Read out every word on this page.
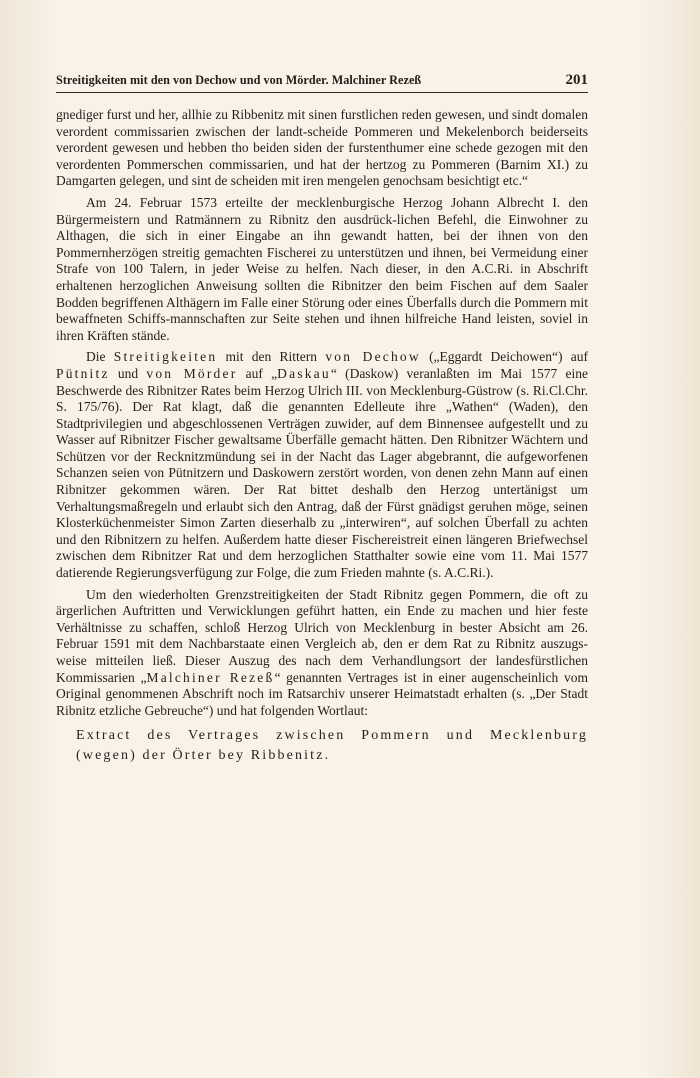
Streitigkeiten mit den von Dechow und von Mörder. Malchiner Rezeß	201

gnediger furst und her, allhie zu Ribbenitz mit sinen furstlichen reden gewesen, und sindt domalen verordent commissarien zwischen der landt-scheide Pommeren und Mekelenborch beiderseits verordent gewesen und hebben tho beiden siden der furstenthumer eine schede gezogen mit den verordenten Pommerschen commissarien, und hat der hertzog zu Pommeren (Barnim XI.) zu Damgarten gelegen, und sint de scheiden mit iren mengelen genochsam besichtigt etc.“

Am 24. Februar 1573 erteilte der mecklenburgische Herzog Johann Albrecht I. den Bürgermeistern und Ratmännern zu Ribnitz den ausdrück-lichen Befehl, die Einwohner zu Althagen, die sich in einer Eingabe an ihn gewandt hatten, bei der ihnen von den Pommernherzögen streitig gemachten Fischerei zu unterstützen und ihnen, bei Vermeidung einer Strafe von 100 Talern, in jeder Weise zu helfen. Nach dieser, in den A.C.Ri. in Abschrift erhaltenen herzoglichen Anweisung sollten die Ribnitzer den beim Fischen auf dem Saaler Bodden begriffenen Althägern im Falle einer Störung oder eines Überfalls durch die Pommern mit bewaffneten Schiffs-mannschaften zur Seite stehen und ihnen hilfreiche Hand leisten, soviel in ihren Kräften stände.

Die Streitigkeiten mit den Rittern von Dechow („Eggardt Deichowen“) auf Pütnitz und von Mörder auf „Daskau“ (Daskow) veranlaßten im Mai 1577 eine Beschwerde des Ribnitzer Rates beim Herzog Ulrich III. von Mecklenburg-Güstrow (s. Ri.Cl.Chr. S. 175/76). Der Rat klagt, daß die genannten Edelleute ihre „Wathen“ (Waden), den Stadtprivilegien und abgeschlossenen Verträgen zuwider, auf dem Binnensee aufgestellt und zu Wasser auf Ribnitzer Fischer gewaltsame Überfälle gemacht hätten. Den Ribnitzer Wächtern und Schützen vor der Recknitzmündung sei in der Nacht das Lager abgebrannt, die aufgeworfenen Schanzen seien von Pütnitzern und Daskowern zerstört worden, von denen zehn Mann auf einen Ribnitzer gekommen wären. Der Rat bittet deshalb den Herzog untertänigst um Verhaltungsmaßregeln und erlaubt sich den Antrag, daß der Fürst gnädigst geruhen möge, seinen Klosterküchenmeister Simon Zarten dieserhalb zu „interwiren“, auf solchen Überfall zu achten und den Ribnitzern zu helfen. Außerdem hatte dieser Fischereistreit einen längeren Briefwechsel zwischen dem Ribnitzer Rat und dem herzoglichen Statthalter sowie eine vom 11. Mai 1577 datierende Regierungsverfügung zur Folge, die zum Frieden mahnte (s. A.C.Ri.).

Um den wiederholten Grenzstreitigkeiten der Stadt Ribnitz gegen Pommern, die oft zu ärgerlichen Auftritten und Verwicklungen geführt hatten, ein Ende zu machen und hier feste Verhältnisse zu schaffen, schloß Herzog Ulrich von Mecklenburg in bester Absicht am 26. Februar 1591 mit dem Nachbarstaate einen Vergleich ab, den er dem Rat zu Ribnitz auszugs-weise mitteilen ließ. Dieser Auszug des nach dem Verhandlungsort der landesfürstlichen Kommissarien „Malchiner Rezeß“ genannten Vertrages ist in einer augenscheinlich vom Original genommenen Abschrift noch im Ratsarchiv unserer Heimatstadt erhalten (s. „Der Stadt Ribnitz etzliche Gebreuche“) und hat folgenden Wortlaut:

Extract des Vertrages zwischen Pommern und Mecklenburg (wegen) der Örter bey Ribbenitz.
